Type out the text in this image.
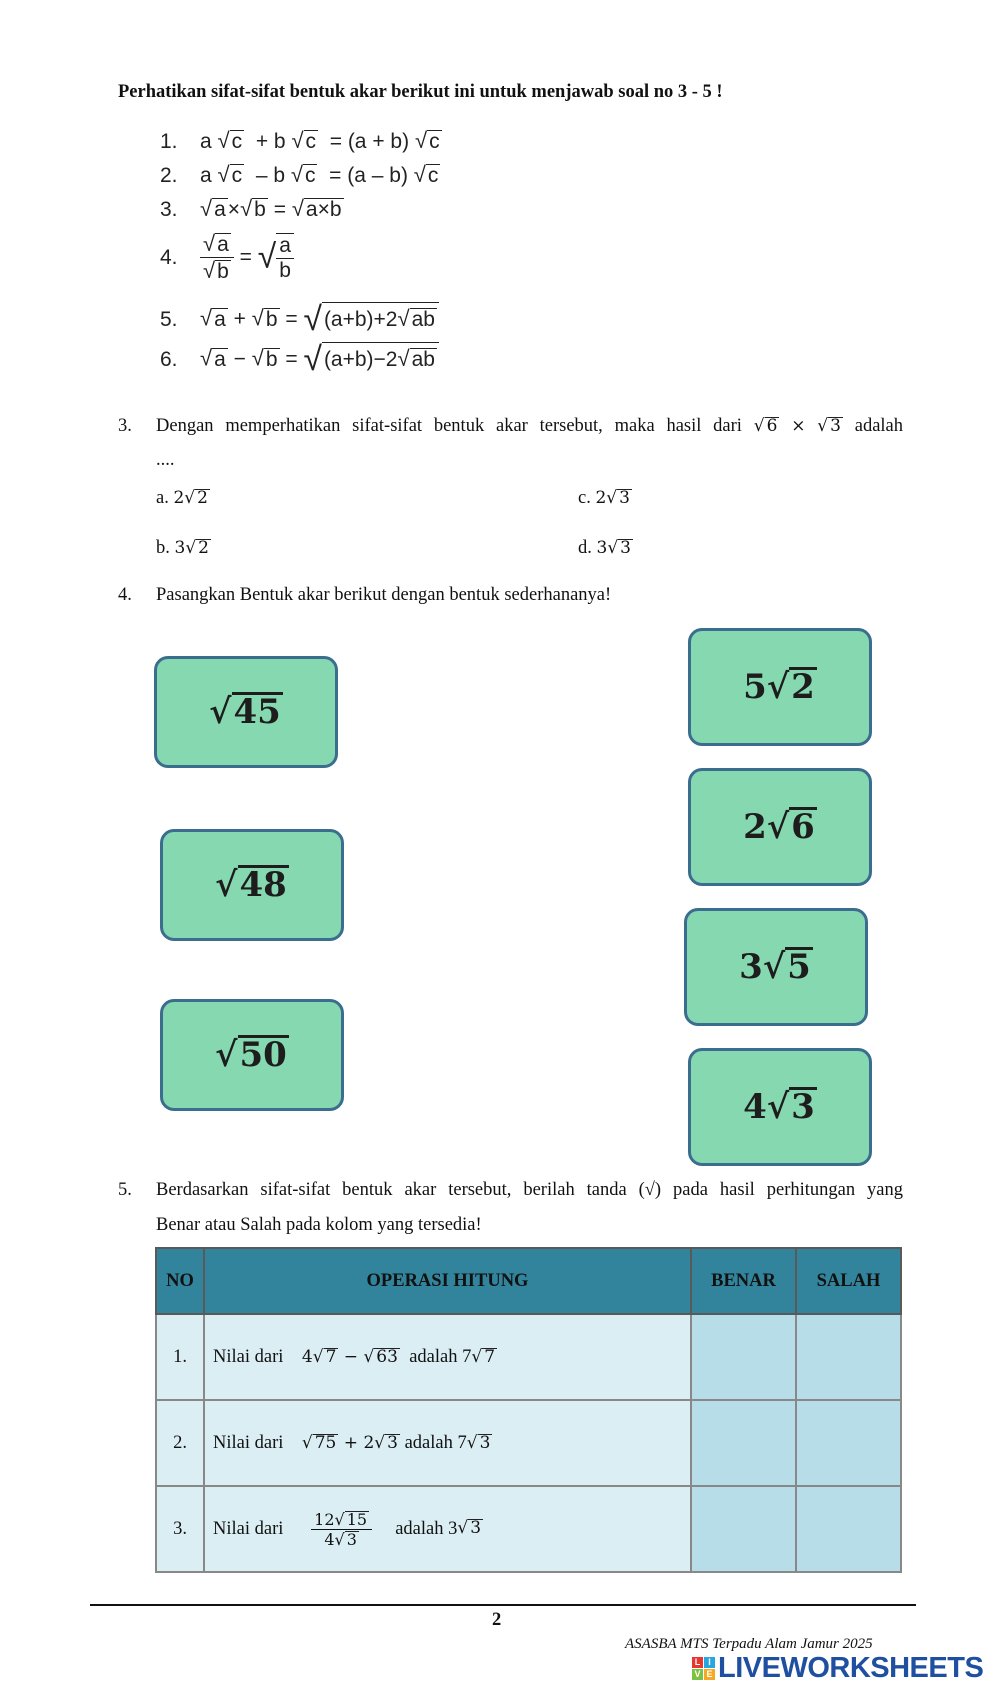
Perhatikan sifat-sifat bentuk akar berikut ini untuk menjawab soal no 3 - 5 !
1. a √c + b √c = (a + b) √c
2. a √c – b √c = (a – b) √c
3. √a×√b = √a×b
4. $\frac{√a}{√b}$ = √ $\frac{a}{b}$
5. √a + √b = √(a+b)+2√ab
6. √a − √b = √(a+b)−2√ab
3. Dengan memperhatikan sifat-sifat bentuk akar tersebut, maka hasil dari √ 6 × √ 3 adalah
....
a. 2√ 2
b. 3√ 2
c. 2√ 3
d. 3√ 3
4. Pasangkan Bentuk akar berikut dengan bentuk sederhananya!
√45
√48
√50
5√2
2√6
3√5
4√3
5. Berdasarkan sifat-sifat bentuk akar tersebut, berilah tanda (√) pada hasil perhitungan yang
Benar atau Salah pada kolom yang tersedia!
NO	OPERASI HITUNG	BENAR	SALAH
1.	Nilai dari 4√ 7 − √ 63 adalah 7√ 7		
2.	Nilai dari √ 75 + 2√ 3 adalah 7√ 3		
3.	Nilai dari $\frac{12√ 15}{4√ 3}$ adalah 3√ 3		
2
ASASBA MTS Terpadu Alam Jamur 2025
L I
V E LIVEWORKSHEETS
